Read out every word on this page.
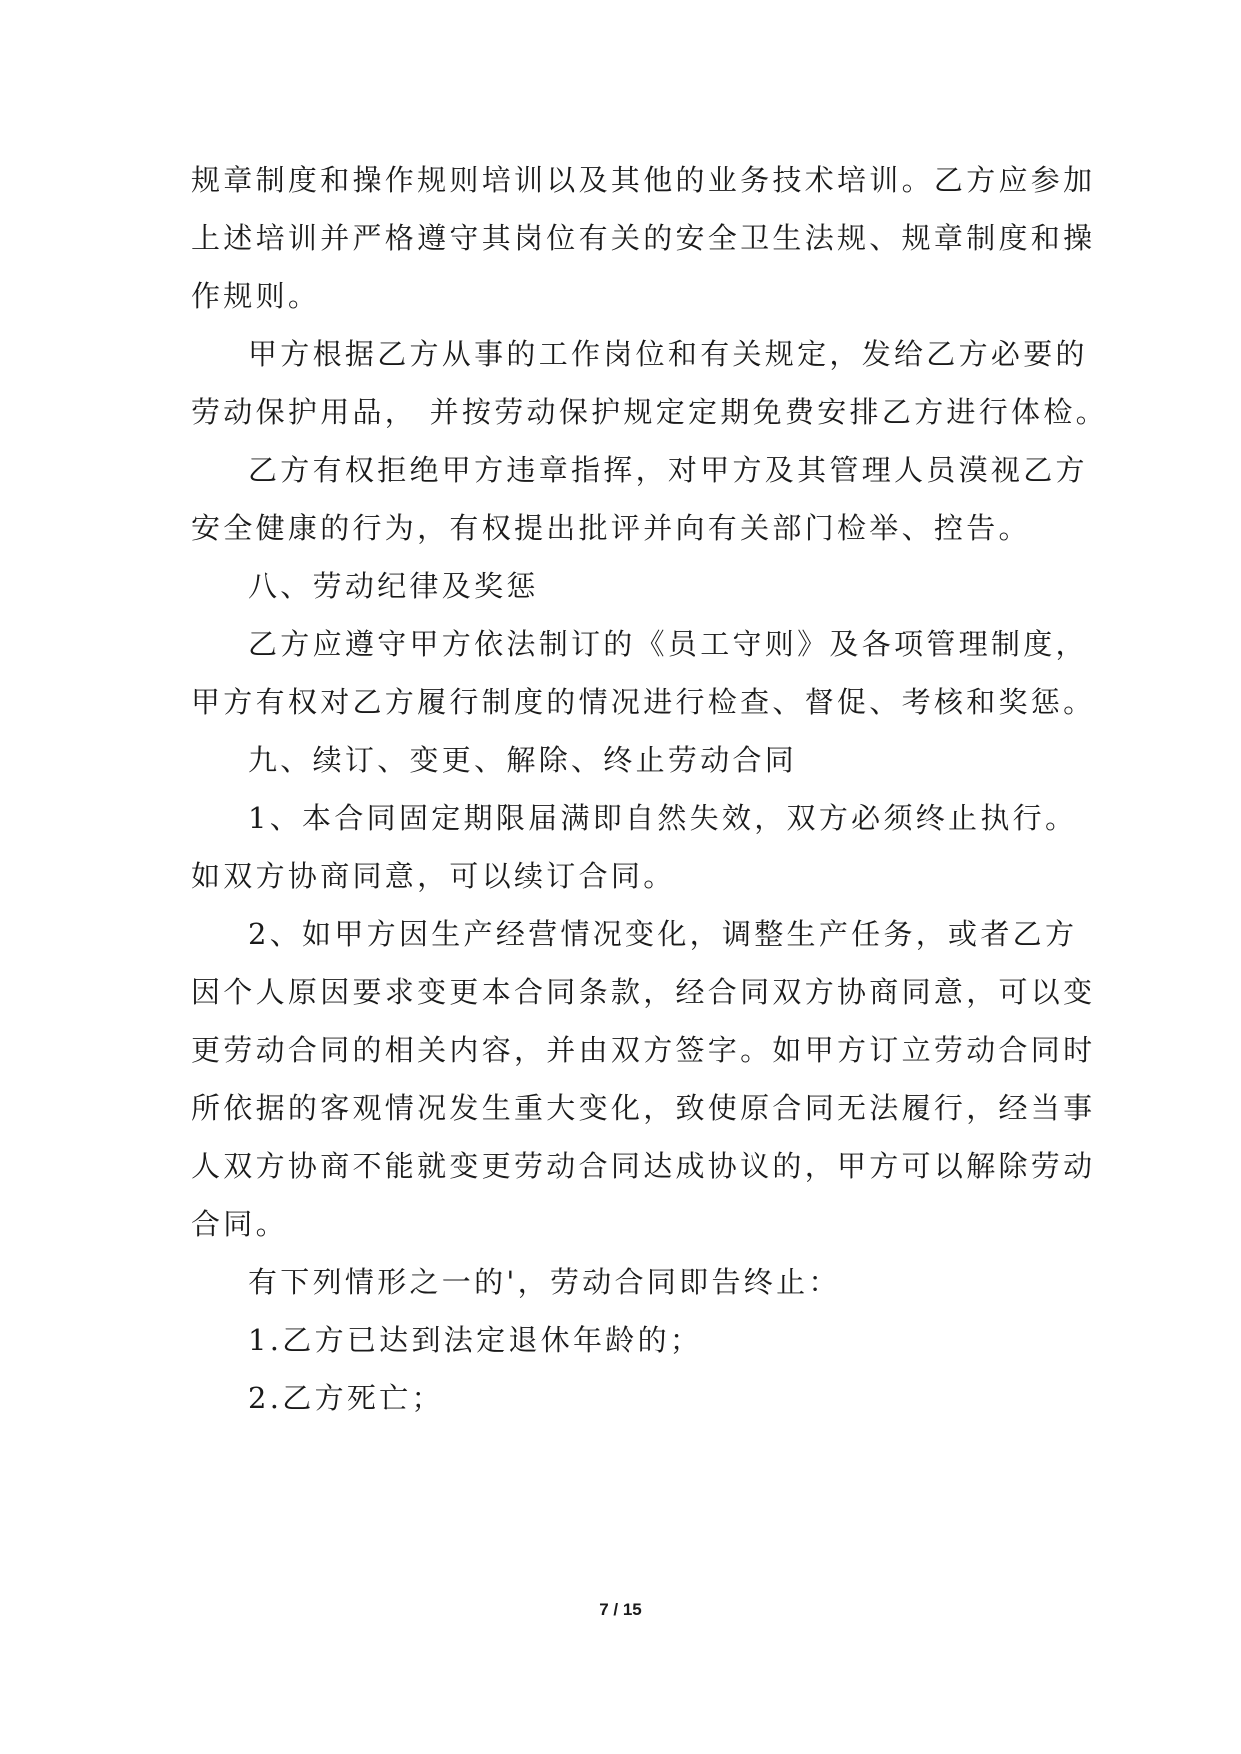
规章制度和操作规则培训以及其他的业务技术培训。乙方应参加
上述培训并严格遵守其岗位有关的安全卫生法规、规章制度和操
作规则。
甲方根据乙方从事的工作岗位和有关规定，发给乙方必要的
劳动保护用品， 并按劳动保护规定定期免费安排乙方进行体检。
乙方有权拒绝甲方违章指挥，对甲方及其管理人员漠视乙方
安全健康的行为，有权提出批评并向有关部门检举、控告。
八、劳动纪律及奖惩
乙方应遵守甲方依法制订的《员工守则》及各项管理制度，
甲方有权对乙方履行制度的情况进行检查、督促、考核和奖惩。
九、续订、变更、解除、终止劳动合同
1、本合同固定期限届满即自然失效，双方必须终止执行。
如双方协商同意，可以续订合同。
2、如甲方因生产经营情况变化，调整生产任务，或者乙方
因个人原因要求变更本合同条款，经合同双方协商同意，可以变
更劳动合同的相关内容，并由双方签字。如甲方订立劳动合同时
所依据的客观情况发生重大变化，致使原合同无法履行，经当事
人双方协商不能就变更劳动合同达成协议的，甲方可以解除劳动
合同。
有下列情形之一的'，劳动合同即告终止：
1.乙方已达到法定退休年龄的；
2.乙方死亡；
7 / 15
